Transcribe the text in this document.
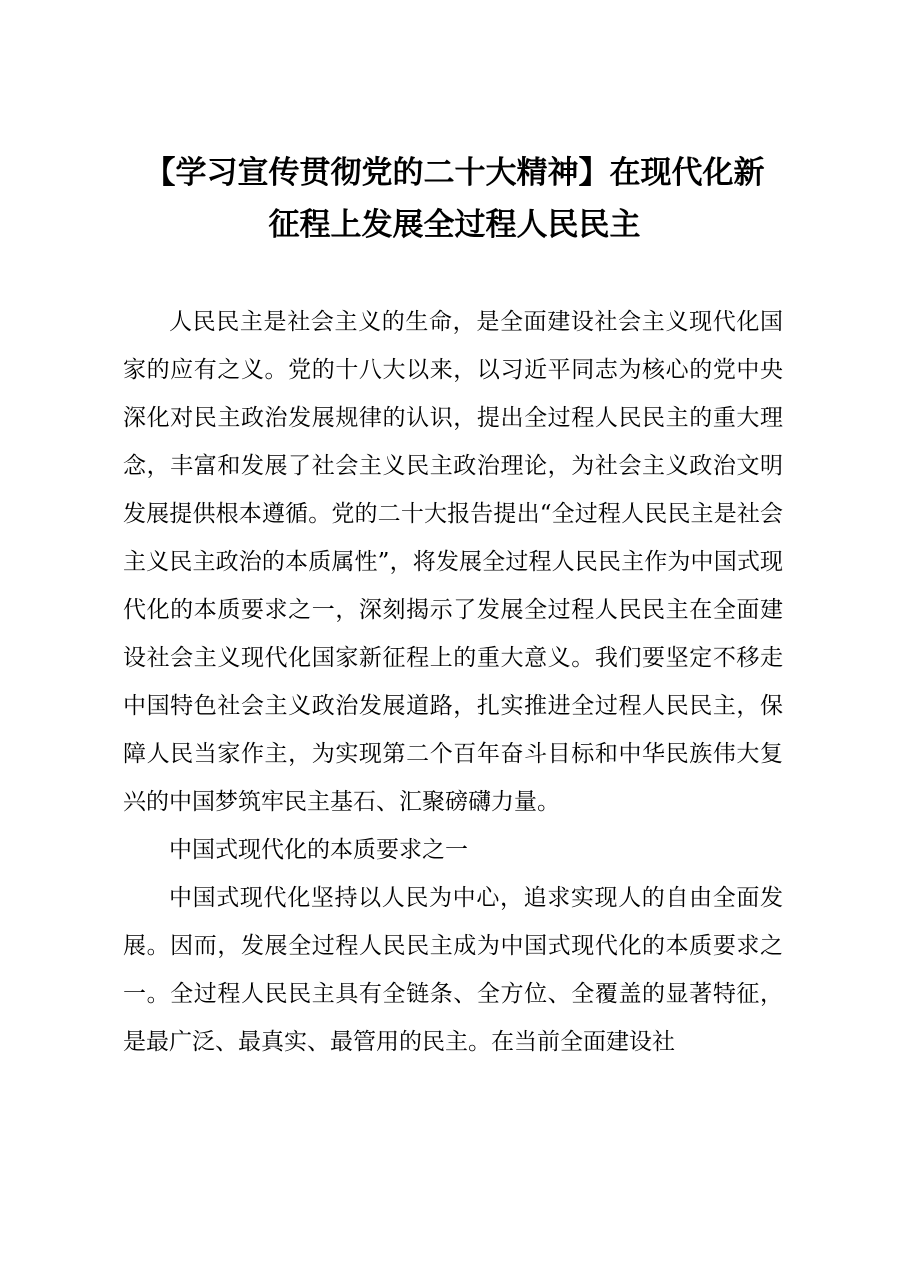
【学习宣传贯彻党的二十大精神】在现代化新
征程上发展全过程人民民主

人民民主是社会主义的生命，是全面建设社会主义现代化国家的应有之义。党的十八大以来，以习近平同志为核心的党中央深化对民主政治发展规律的认识，提出全过程人民民主的重大理念，丰富和发展了社会主义民主政治理论，为社会主义政治文明发展提供根本遵循。党的二十大报告提出“全过程人民民主是社会主义民主政治的本质属性”，将发展全过程人民民主作为中国式现代化的本质要求之一，深刻揭示了发展全过程人民民主在全面建设社会主义现代化国家新征程上的重大意义。我们要坚定不移走中国特色社会主义政治发展道路，扎实推进全过程人民民主，保障人民当家作主，为实现第二个百年奋斗目标和中华民族伟大复兴的中国梦筑牢民主基石、汇聚磅礴力量。

中国式现代化的本质要求之一

中国式现代化坚持以人民为中心，追求实现人的自由全面发展。因而，发展全过程人民民主成为中国式现代化的本质要求之一。全过程人民民主具有全链条、全方位、全覆盖的显著特征，是最广泛、最真实、最管用的民主。在当前全面建设社
